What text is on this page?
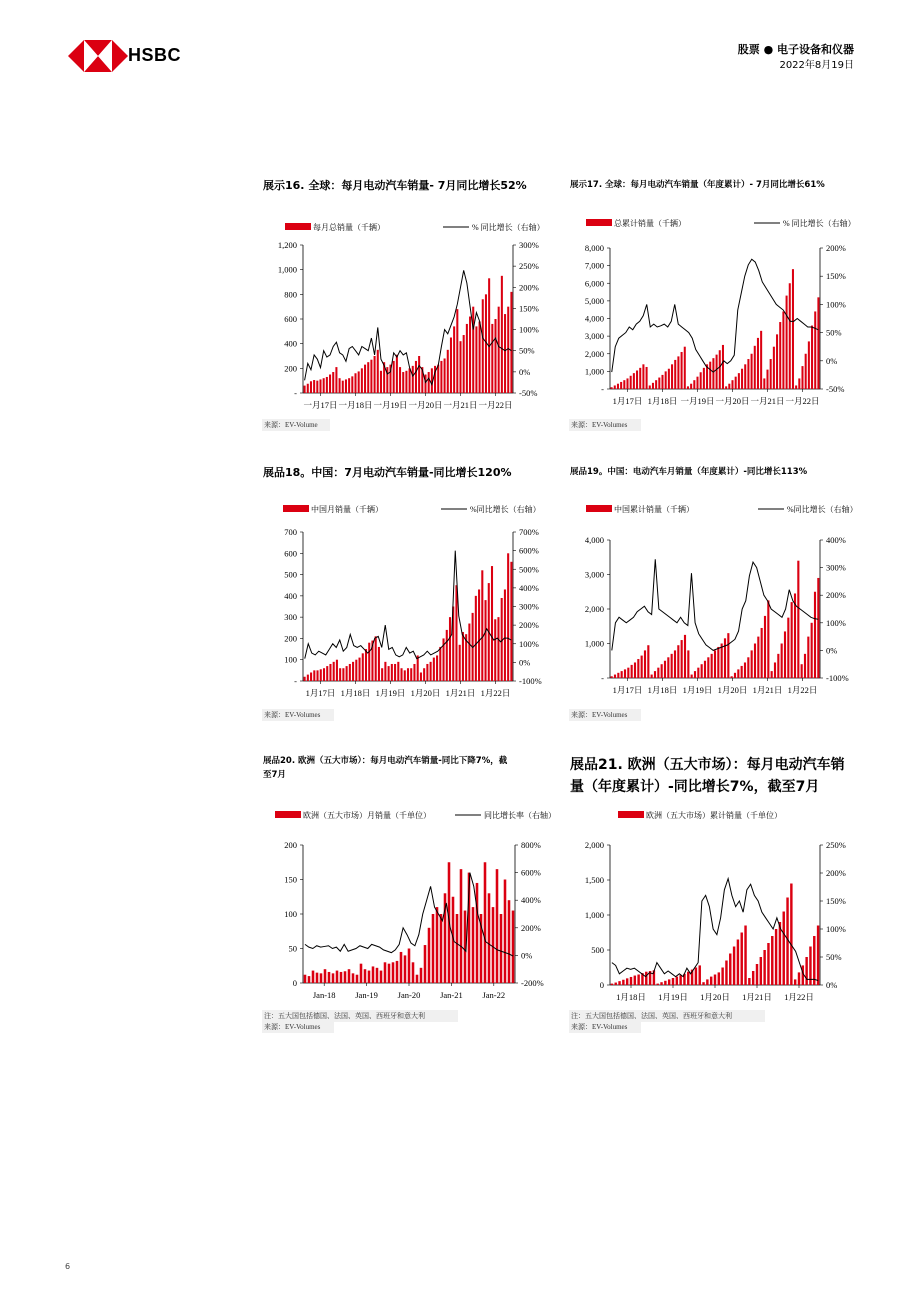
HSBC	股票 ● 电子设备和仪器
2022年8月19日
展示16. 全球：每月电动汽车销量- 7月同比增长52%	展示17. 全球：每月电动汽车销量（年度累计）- 7月同比增长61%
展品18。中国：7月电动汽车销量-同比增长120%	展品19。中国：电动汽车月销量（年度累计）-同比增长113%
展品20. 欧洲（五大市场）：每月电动汽车销量-同比下降7%，截至7月
展品21. 欧洲（五大市场）：每月电动汽车销量（年度累计）-同比增长7%，截至7月
每月总销量（千辆）	% 同比增长（右轴）
-
200
400
600
800
1,000
1,200
-50%
0%
50%
100%
150%
200%
250%
300%
一月17日 一月18日 一月19日 一月20日 一月21日 一月22日
总累计销量（千辆）	% 同比增长（右轴）
-
1,000
2,000
3,000
4,000
5,000
6,000
7,000
8,000
-50%
0%
50%
100%
150%
200%
1月17日 1月18日 一月19日 一月20日 一月21日 一月22日
中国月销量（千辆）	%同比增长（右轴）
-
100
200
300
400
500
600
700
-100%
0%
100%
200%
300%
400%
500%
600%
700%
1月17日 1月18日 1月19日 1月20日 1月21日 1月22日
中国累计销量（千辆）	%同比增长（右轴）
-
1,000
2,000
3,000
4,000
-100%
0%
100%
200%
300%
400%
1月17日 1月18日 1月19日 1月20日 1月21日 1月22日
欧洲（五大市场）月销量（千单位）	同比增长率（右轴）
0
50
100
150
200
-200%
0%
200%
400%
600%
800%
Jan-18 Jan-19 Jan-20 Jan-21 Jan-22
欧洲（五大市场）累计销量（千单位）
0
500
1,000
1,500
2,000
0%
50%
100%
150%
200%
250%
1月18日 1月19日 1月20日 1月21日 1月22日
来源：EV-Volume	来源：EV-Volumes
来源：EV-Volumes	来源：EV-Volumes
注：五大国包括德国、法国、英国、西班牙和意大利
来源：EV-Volumes
注：五大国包括德国、法国、英国、西班牙和意大利
来源：EV-Volumes
6
